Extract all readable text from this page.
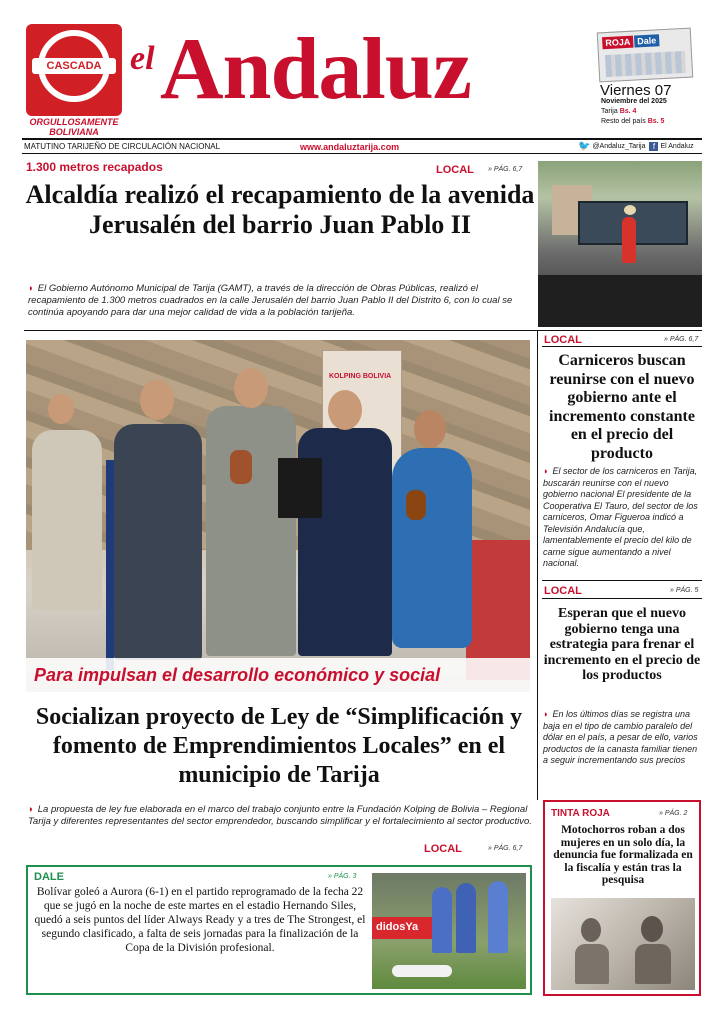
CASCADA
ORGULLOSAMENTE BOLIVIANA
el Andaluz	ROJA Dale
Viernes 07
Noviembre del 2025
Tarija Bs. 4
Resto del país Bs. 5
MATUTINO TARIJEÑO DE CIRCULACIÓN NACIONAL	www.andaluztarija.com	🐦 @Andaluz_Tarija f El Andaluz
1.300 metros recapados	LOCAL » PÁG. 6,7
Alcaldía realizó el recapamiento de la avenida Jerusalén del barrio Juan Pablo II
◗ El Gobierno Autónomo Municipal de Tarija (GAMT), a través de la dirección de Obras Públicas, realizó el recapamiento de 1.300 metros cuadrados en la calle Jerusalén del barrio Juan Pablo II del Distrito 6, con lo cual se continúa apoyando para dar una mejor calidad de vida a la población tarijeña.
KOLPING BOLIVIA
Para impulsan el desarrollo económico y social
Socializan proyecto de Ley de “Simplificación y fomento de Emprendimientos Locales” en el municipio de Tarija
◗ La propuesta de ley fue elaborada en el marco del trabajo conjunto entre la Fundación Kolping de Bolivia – Regional Tarija y diferentes representantes del sector emprendedor, buscando simplificar y el fortalecimiento al sector productivo.
LOCAL	» PÁG. 6,7
LOCAL	» PÁG. 6,7
Carniceros buscan reunirse con el nuevo gobierno ante el incremento constante en el precio del producto
◗ El sector de los carniceros en Tarija, buscarán reunirse con el nuevo gobierno nacional El presidente de la Cooperativa El Tauro, del sector de los carniceros, Omar Figueroa indicó a Televisión Andalucía que, lamentablemente el precio del kilo de carne sigue aumentando a nivel nacional.
LOCAL	» PÁG. 5
Esperan que el nuevo gobierno tenga una estrategia para frenar el incremento en el precio de los productos
◗ En los últimos días se registra una baja en el tipo de cambio paralelo del dólar en el país, a pesar de ello, varios productos de la canasta familiar tienen a seguir incrementando sus precios
DALE	» PÁG. 3
Bolívar goleó a Aurora (6-1) en el partido reprogramado de la fecha 22 que se jugó en la noche de este martes en el estadio Hernando Siles, quedó a seis puntos del líder Always Ready y a tres de The Strongest, el segundo clasificado, a falta de seis jornadas para la finalización de la Copa de la División profesional.
didosYa
TINTA ROJA	» PÁG. 2
Motochorros roban a dos mujeres en un solo día, la denuncia fue formalizada en la fiscalía y están tras la pesquisa
